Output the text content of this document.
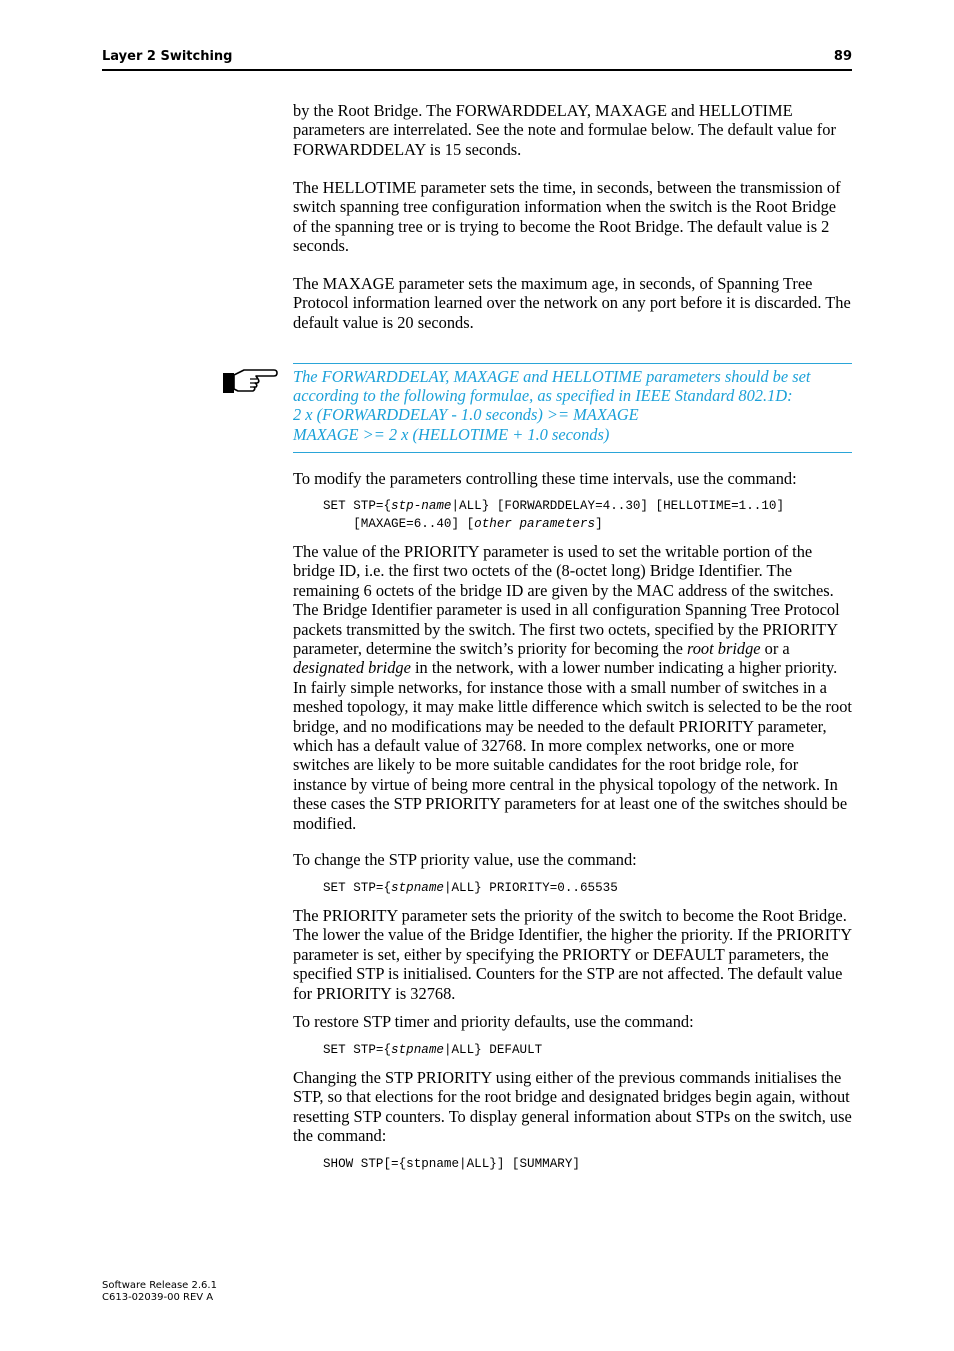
Layer 2 Switching	89

by the Root Bridge. The FORWARDDELAY, MAXAGE and HELLOTIME parameters are interrelated. See the note and formulae below. The default value for FORWARDDELAY is 15 seconds.

The HELLOTIME parameter sets the time, in seconds, between the transmission of switch spanning tree configuration information when the switch is the Root Bridge of the spanning tree or is trying to become the Root Bridge. The default value is 2 seconds.

The MAXAGE parameter sets the maximum age, in seconds, of Spanning Tree Protocol information learned over the network on any port before it is discarded. The default value is 20 seconds.

The FORWARDDELAY, MAXAGE and HELLOTIME parameters should be set
according to the following formulae, as specified in IEEE Standard 802.1D:
2 x (FORWARDDELAY - 1.0 seconds) >= MAXAGE
MAXAGE >= 2 x (HELLOTIME + 1.0 seconds)

To modify the parameters controlling these time intervals, use the command:

SET STP={stp-name|ALL} [FORWARDDELAY=4..30] [HELLOTIME=1..10]
[MAXAGE=6..40] [other parameters]

The value of the PRIORITY parameter is used to set the writable portion of the bridge ID, i.e. the first two octets of the (8-octet long) Bridge Identifier. The remaining 6 octets of the bridge ID are given by the MAC address of the switches. The Bridge Identifier parameter is used in all configuration Spanning Tree Protocol packets transmitted by the switch. The first two octets, specified by the PRIORITY parameter, determine the switch’s priority for becoming the root bridge or a designated bridge in the network, with a lower number indicating a higher priority. In fairly simple networks, for instance those with a small number of switches in a meshed topology, it may make little difference which switch is selected to be the root bridge, and no modifications may be needed to the default PRIORITY parameter, which has a default value of 32768. In more complex networks, one or more switches are likely to be more suitable candidates for the root bridge role, for instance by virtue of being more central in the physical topology of the network. In these cases the STP PRIORITY parameters for at least one of the switches should be modified.

To change the STP priority value, use the command:

SET STP={stpname|ALL} PRIORITY=0..65535

The PRIORITY parameter sets the priority of the switch to become the Root Bridge. The lower the value of the Bridge Identifier, the higher the priority. If the PRIORITY parameter is set, either by specifying the PRIORTY or DEFAULT parameters, the specified STP is initialised. Counters for the STP are not affected. The default value for PRIORITY is 32768.

To restore STP timer and priority defaults, use the command:

SET STP={stpname|ALL} DEFAULT

Changing the STP PRIORITY using either of the previous commands initialises the STP, so that elections for the root bridge and designated bridges begin again, without resetting STP counters. To display general information about STPs on the switch, use the command:

SHOW STP[={stpname|ALL}] [SUMMARY]
Software Release 2.6.1
C613-02039-00 REV A
